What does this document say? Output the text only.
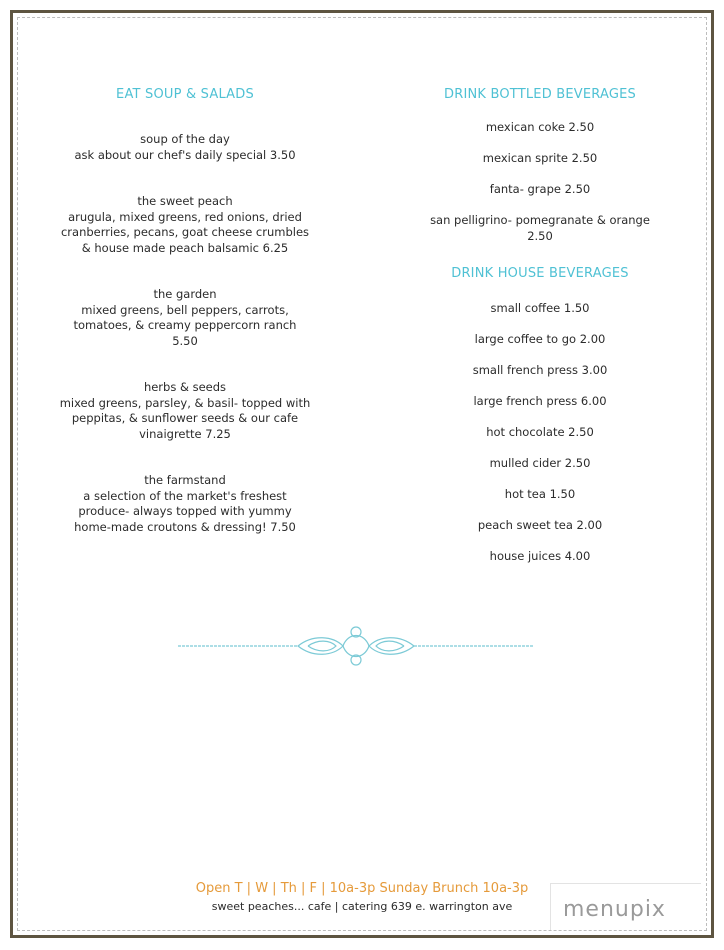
EAT SOUP & SALADS
soup of the day
ask about our chef's daily special 3.50
the sweet peach
arugula, mixed greens, red onions, dried
cranberries, pecans, goat cheese crumbles
& house made peach balsamic 6.25
the garden
mixed greens, bell peppers, carrots,
tomatoes, & creamy peppercorn ranch
5.50
herbs & seeds
mixed greens, parsley, & basil- topped with
peppitas, & sunflower seeds & our cafe
vinaigrette 7.25
the farmstand
a selection of the market's freshest
produce- always topped with yummy
home-made croutons & dressing! 7.50
DRINK BOTTLED BEVERAGES
mexican coke 2.50
mexican sprite 2.50
fanta- grape 2.50
san pelligrino- pomegranate & orange
2.50
DRINK HOUSE BEVERAGES
small coffee 1.50
large coffee to go 2.00
small french press 3.00
large french press 6.00
hot chocolate 2.50
mulled cider 2.50
hot tea 1.50
peach sweet tea 2.00
house juices 4.00
Open T | W | Th | F | 10a-3p Sunday Brunch 10a-3p
sweet peaches... cafe | catering 639 e. warrington ave	menupix
